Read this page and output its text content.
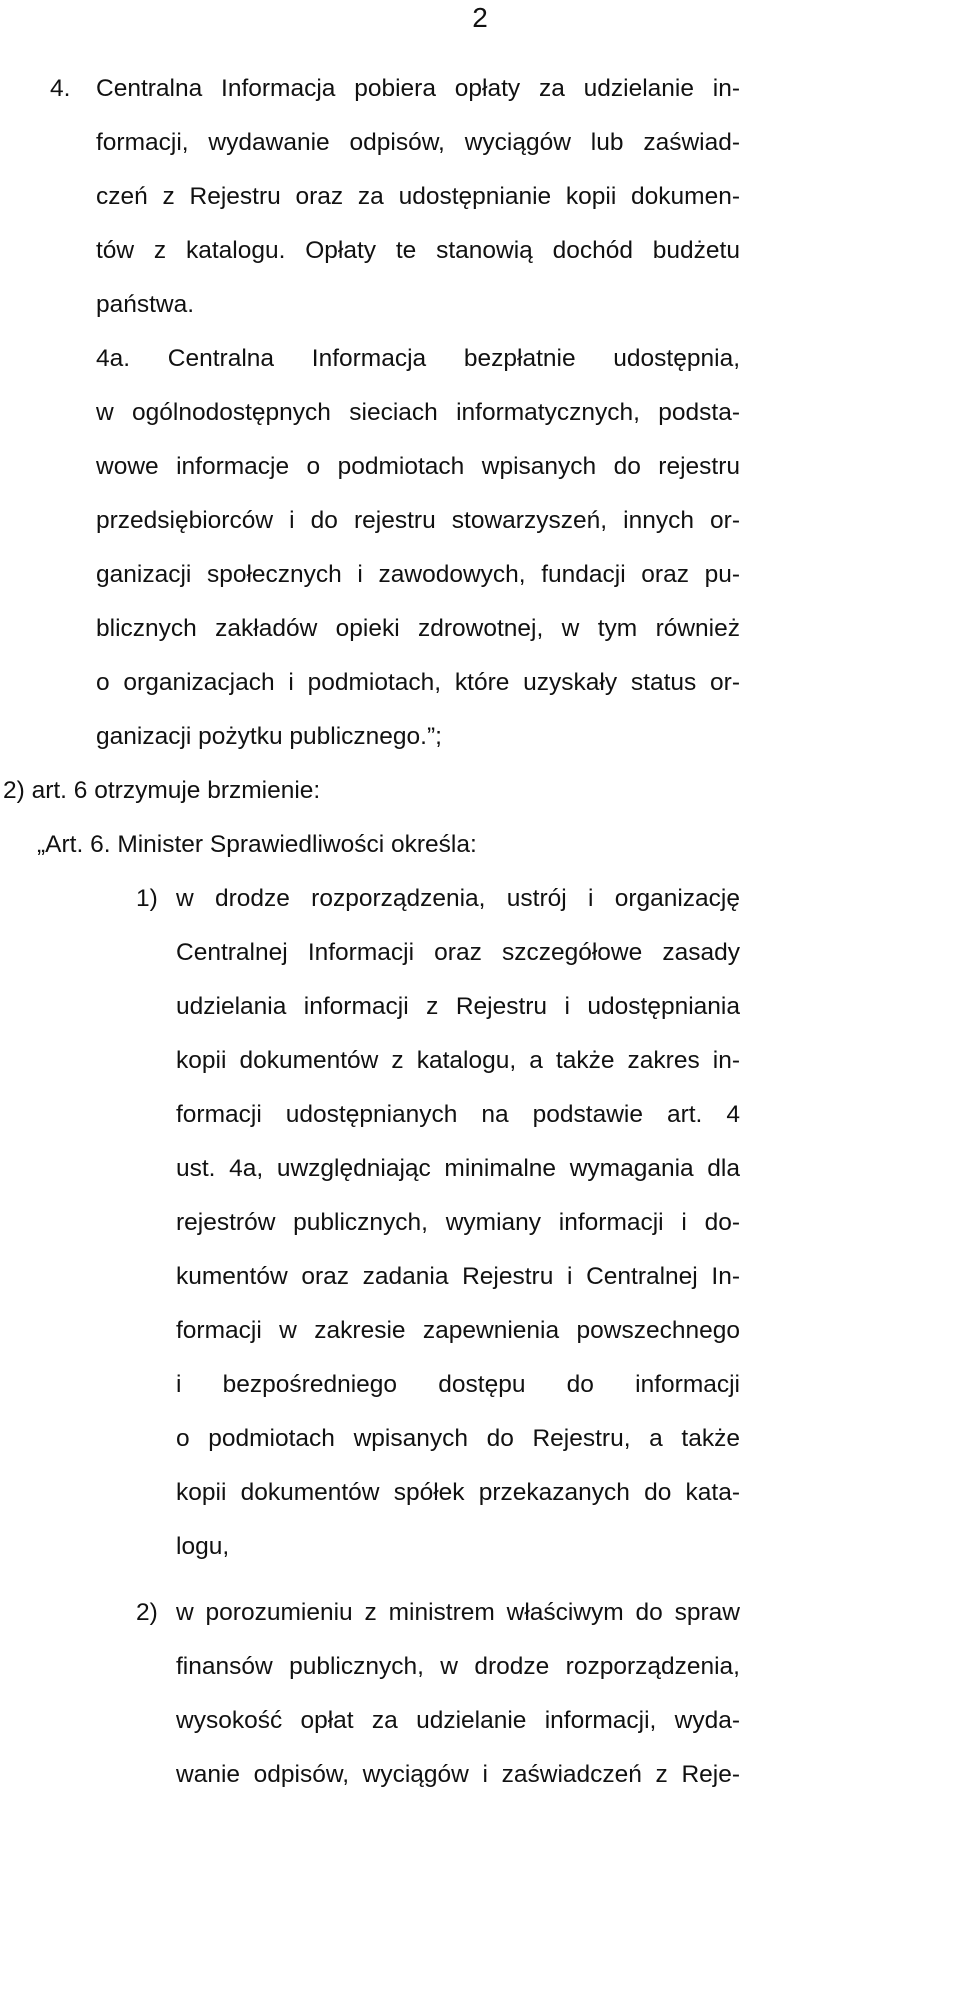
2
4. Centralna Informacja pobiera opłaty za udzielanie in-
formacji, wydawanie odpisów, wyciągów lub zaświad-
czeń z Rejestru oraz za udostępnianie kopii dokumen-
tów z katalogu. Opłaty te stanowią dochód budżetu
państwa.
4a. Centralna Informacja bezpłatnie udostępnia,
w ogólnodostępnych sieciach informatycznych, podsta-
wowe informacje o podmiotach wpisanych do rejestru
przedsiębiorców i do rejestru stowarzyszeń, innych or-
ganizacji społecznych i zawodowych, fundacji oraz pu-
blicznych zakładów opieki zdrowotnej, w tym również
o organizacjach i podmiotach, które uzyskały status or-
ganizacji pożytku publicznego.”;
2) art. 6 otrzymuje brzmienie:
„Art. 6. Minister Sprawiedliwości określa:
1) w drodze rozporządzenia, ustrój i organizację
Centralnej Informacji oraz szczegółowe zasady
udzielania informacji z Rejestru i udostępniania
kopii dokumentów z katalogu, a także zakres in-
formacji udostępnianych na podstawie art. 4
ust. 4a, uwzględniając minimalne wymagania dla
rejestrów publicznych, wymiany informacji i do-
kumentów oraz zadania Rejestru i Centralnej In-
formacji w zakresie zapewnienia powszechnego
i bezpośredniego dostępu do informacji
o podmiotach wpisanych do Rejestru, a także
kopii dokumentów spółek przekazanych do kata-
logu,
2) w porozumieniu z ministrem właściwym do spraw
finansów publicznych, w drodze rozporządzenia,
wysokość opłat za udzielanie informacji, wyda-
wanie odpisów, wyciągów i zaświadczeń z Reje-
